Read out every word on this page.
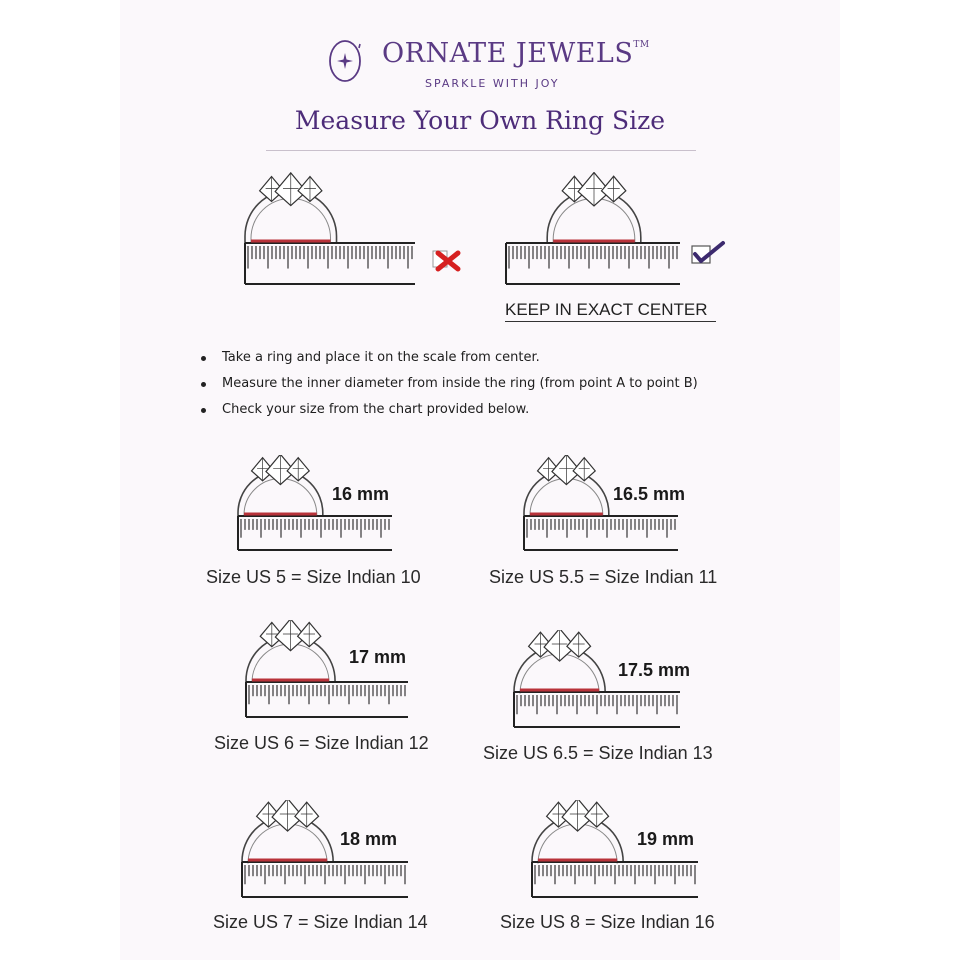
ORNATE JEWELS™
SPARKLE WITH JOY
Measure Your Own Ring Size
KEEP IN EXACT CENTER
Take a ring and place it on the scale from center.
Measure the inner diameter from inside the ring (from point A to point B)
Check your size from the chart provided below.
16 mm
Size US 5 = Size Indian 10
16.5 mm
Size US 5.5 = Size Indian 11
17 mm
Size US 6 = Size Indian 12
17.5 mm
Size US 6.5 = Size Indian 13
18 mm
Size US 7 = Size Indian 14
19 mm
Size US 8 = Size Indian 16
